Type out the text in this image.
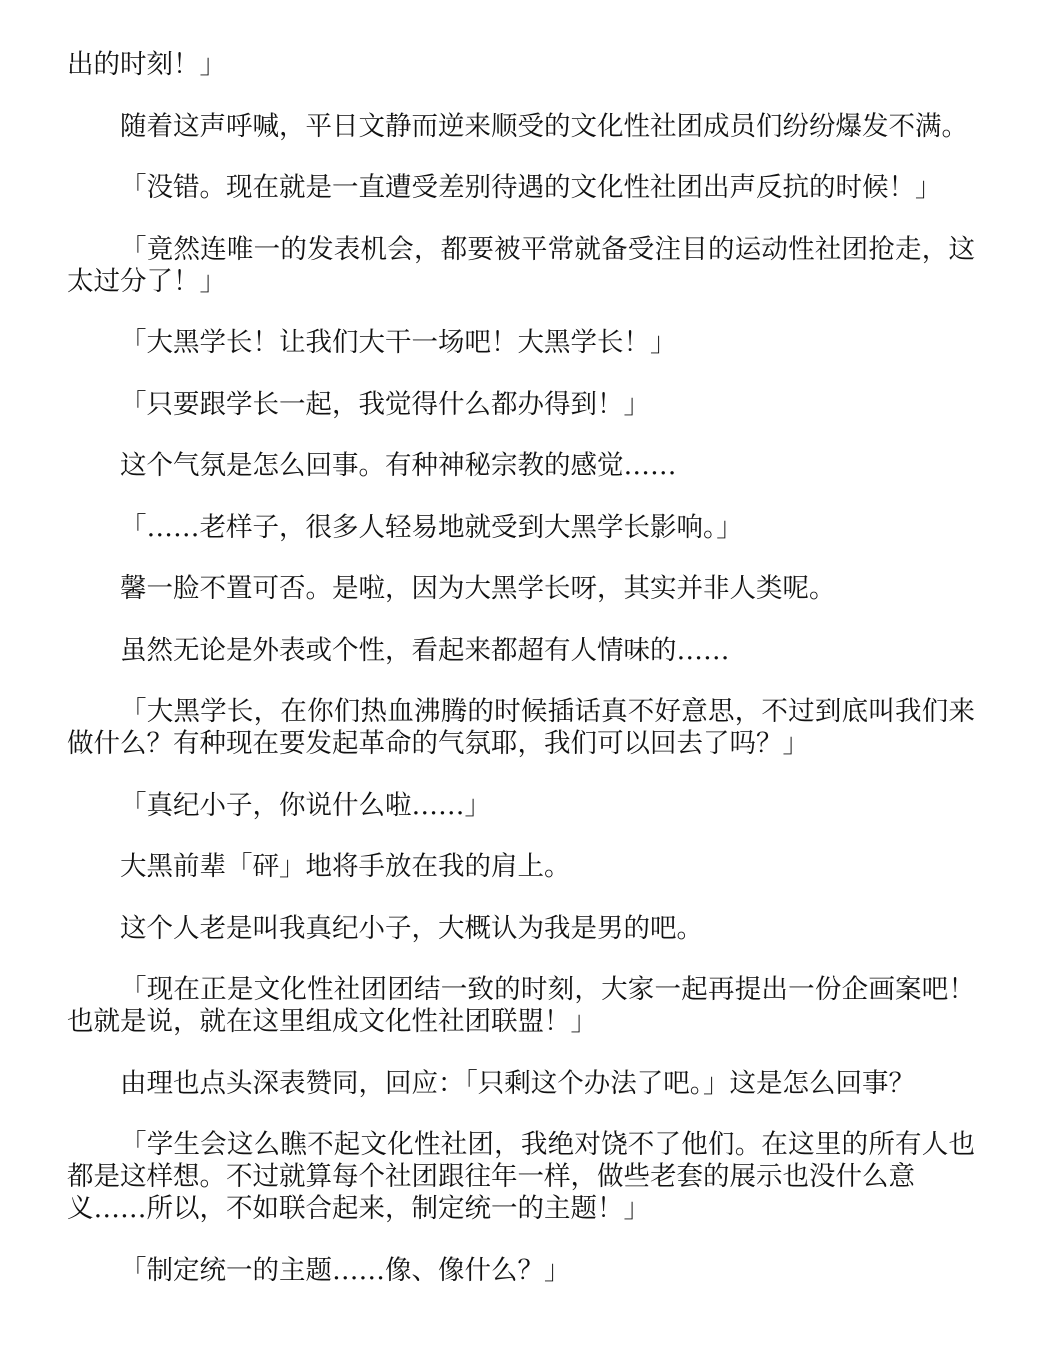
出的时刻！」

随着这声呼喊，平日文静而逆来顺受的文化性社团成员们纷纷爆发不满。

「没错。现在就是一直遭受差别待遇的文化性社团出声反抗的时候！」

「竟然连唯一的发表机会，都要被平常就备受注目的运动性社团抢走，这
太过分了！」

「大黑学长！让我们大干一场吧！大黑学长！」

「只要跟学长一起，我觉得什么都办得到！」

这个气氛是怎么回事。有种神秘宗教的感觉……

「……老样子，很多人轻易地就受到大黑学长影响。」

馨一脸不置可否。是啦，因为大黑学长呀，其实并非人类呢。

虽然无论是外表或个性，看起来都超有人情味的……

「大黑学长，在你们热血沸腾的时候插话真不好意思，不过到底叫我们来
做什么？有种现在要发起革命的气氛耶，我们可以回去了吗？」

「真纪小子，你说什么啦……」

大黑前辈「砰」地将手放在我的肩上。

这个人老是叫我真纪小子，大概认为我是男的吧。

「现在正是文化性社团团结一致的时刻，大家一起再提出一份企画案吧！
也就是说，就在这里组成文化性社团联盟！」

由理也点头深表赞同，回应：「只剩这个办法了吧。」这是怎么回事？

「学生会这么瞧不起文化性社团，我绝对饶不了他们。在这里的所有人也
都是这样想。不过就算每个社团跟往年一样，做些老套的展示也没什么意
义……所以，不如联合起来，制定统一的主题！」

「制定统一的主题……像、像什么？」
